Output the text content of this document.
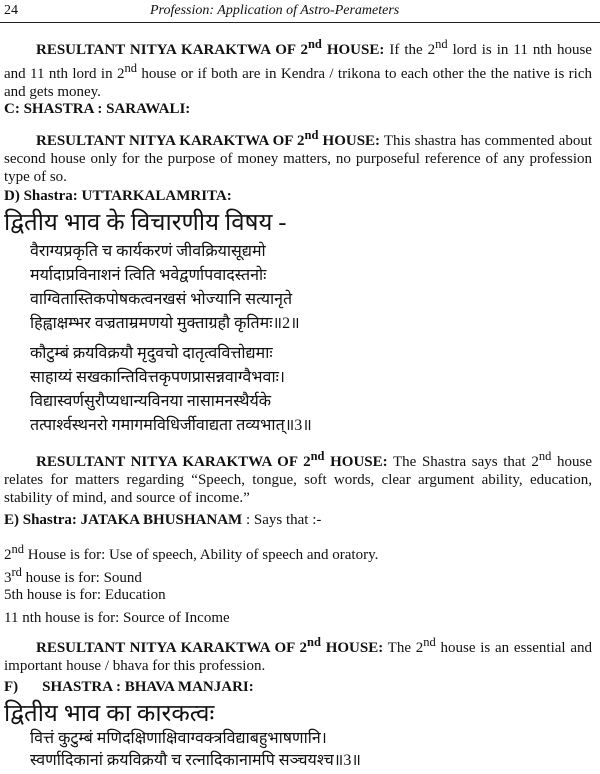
24	Profession: Application of Astro-Perameters
RESULTANT NITYA KARAKTWA OF 2nd HOUSE: If the 2nd lord is in 11 nth house and 11 nth lord in 2nd house or if both are in Kendra / trikona to each other the the native is rich and gets money.
C: SHASTRA : SARAWALI:
RESULTANT NITYA KARAKTWA OF 2nd HOUSE: This shastra has commented about second house only for the purpose of money matters, no purposeful reference of any profession type of so.
D) Shastra: UTTARKALAMRITA:
द्वितीय भाव के विचारणीय विषय -
वैराग्यप्रकृति च कार्यकरणं जीवक्रियासूद्यमो
मर्यादाप्रविनाशनं त्विति भवेद्वर्णापवादस्तनोः
वाग्वितास्तिकपोषकत्वनखसं भोज्यानि सत्यानृते
हिह्वाक्षम्भर वज्रताम्रमणयो मुक्ताग्रहौ कृतिमः॥2॥
कौटुम्बं क्रयविक्रयौ मृदुवचो दातृत्ववित्तोद्यमाः
साहाय्यं सखकान्तिवित्तकृपणप्रासन्नवाग्वैभवाः।
विद्यास्वर्णसुरौप्यधान्यविनया नासामनस्थैर्यके
तत्पार्श्वस्थनरो गमागमविधिर्जीवाद्यता तव्यभात्॥3॥
RESULTANT NITYA KARAKTWA OF 2nd HOUSE: The Shastra says that 2nd house relates for matters regarding “Speech, tongue, soft words, clear argument ability, education, stability of mind, and source of income.”
E) Shastra: JATAKA BHUSHANAM : Says that :-
2nd House is for: Use of speech, Ability of speech and oratory.
3rd house is for: Sound
5th house is for: Education
11 nth house is for: Source of Income
RESULTANT NITYA KARAKTWA OF 2nd HOUSE: The 2nd house is an essential and important house / bhava for this profession.
F) SHASTRA : BHAVA MANJARI:
द्वितीय भाव का कारकत्वः
वित्तं कुटुम्बं मणिदक्षिणाक्षिवाग्वक्त्रविद्याबहुभाषणानि।
स्वर्णादिकानां क्रयविक्रयौ च रत्नादिकानामपि सञ्चयश्च॥3॥
